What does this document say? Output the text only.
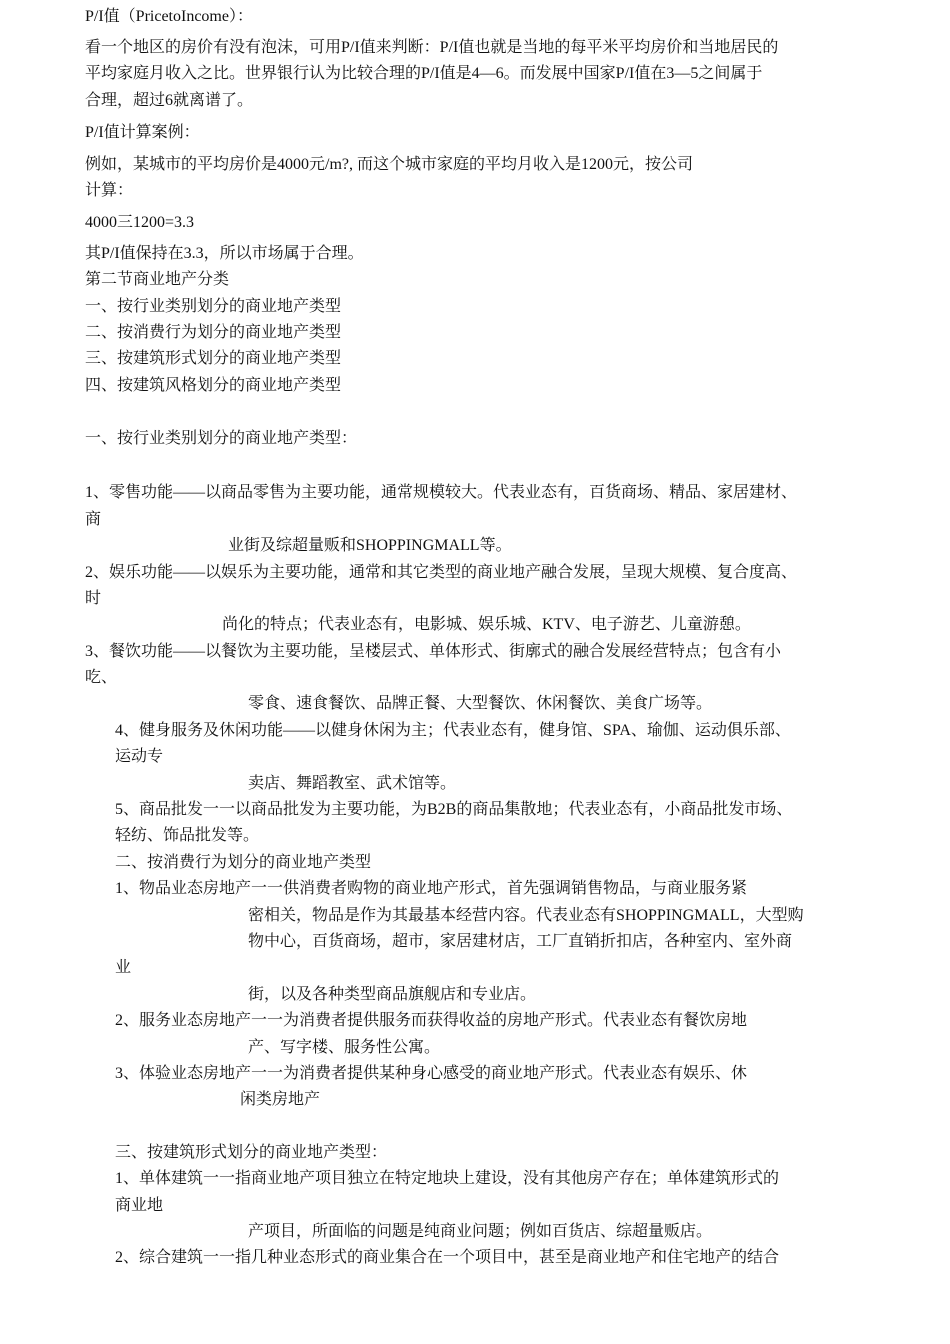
P/I值（PricetoIncome）：
看一个地区的房价有没有泡沫，可用P/I值来判断：P/I值也就是当地的每平米平均房价和当地居民的
平均家庭月收入之比。世界银行认为比较合理的P/I值是4—6。而发展中国家P/I值在3—5之间属于
合理，超过6就离谱了。
P/I值计算案例：
例如，某城市的平均房价是4000元/m?, 而这个城市家庭的平均月收入是1200元，按公司
计算：
4000三1200=3.3
其P/I值保持在3.3，所以市场属于合理。
第二节商业地产分类
一、按行业类别划分的商业地产类型
二、按消费行为划分的商业地产类型
三、按建筑形式划分的商业地产类型
四、按建筑风格划分的商业地产类型
一、按行业类别划分的商业地产类型：
1、零售功能——以商品零售为主要功能，通常规模较大。代表业态有，百货商场、精品、家居建材、
商
业街及综超量贩和SHOPPINGMALL等。
2、娱乐功能——以娱乐为主要功能，通常和其它类型的商业地产融合发展，呈现大规模、复合度高、
时
尚化的特点；代表业态有，电影城、娱乐城、KTV、电子游艺、儿童游憩。
3、餐饮功能——以餐饮为主要功能，呈楼层式、单体形式、街廓式的融合发展经营特点；包含有小
吃、
零食、速食餐饮、品牌正餐、大型餐饮、休闲餐饮、美食广场等。
4、健身服务及休闲功能——以健身休闲为主；代表业态有，健身馆、SPA、瑜伽、运动俱乐部、
运动专
卖店、舞蹈教室、武术馆等。
5、商品批发一一以商品批发为主要功能，为B2B的商品集散地；代表业态有，小商品批发市场、
轻纺、饰品批发等。
二、按消费行为划分的商业地产类型
1、物品业态房地产一一供消费者购物的商业地产形式，首先强调销售物品，与商业服务紧
密相关，物品是作为其最基本经营内容。代表业态有SHOPPINGMALL，大型购
物中心，百货商场，超市，家居建材店，工厂直销折扣店，各种室内、室外商
业
街，以及各种类型商品旗舰店和专业店。
2、服务业态房地产一一为消费者提供服务而获得收益的房地产形式。代表业态有餐饮房地
产、写字楼、服务性公寓。
3、体验业态房地产一一为消费者提供某种身心感受的商业地产形式。代表业态有娱乐、休
闲类房地产
三、按建筑形式划分的商业地产类型：
1、单体建筑一一指商业地产项目独立在特定地块上建设，没有其他房产存在；单体建筑形式的
商业地
产项目，所面临的问题是纯商业问题；例如百货店、综超量贩店。
2、综合建筑一一指几种业态形式的商业集合在一个项目中，甚至是商业地产和住宅地产的结合
